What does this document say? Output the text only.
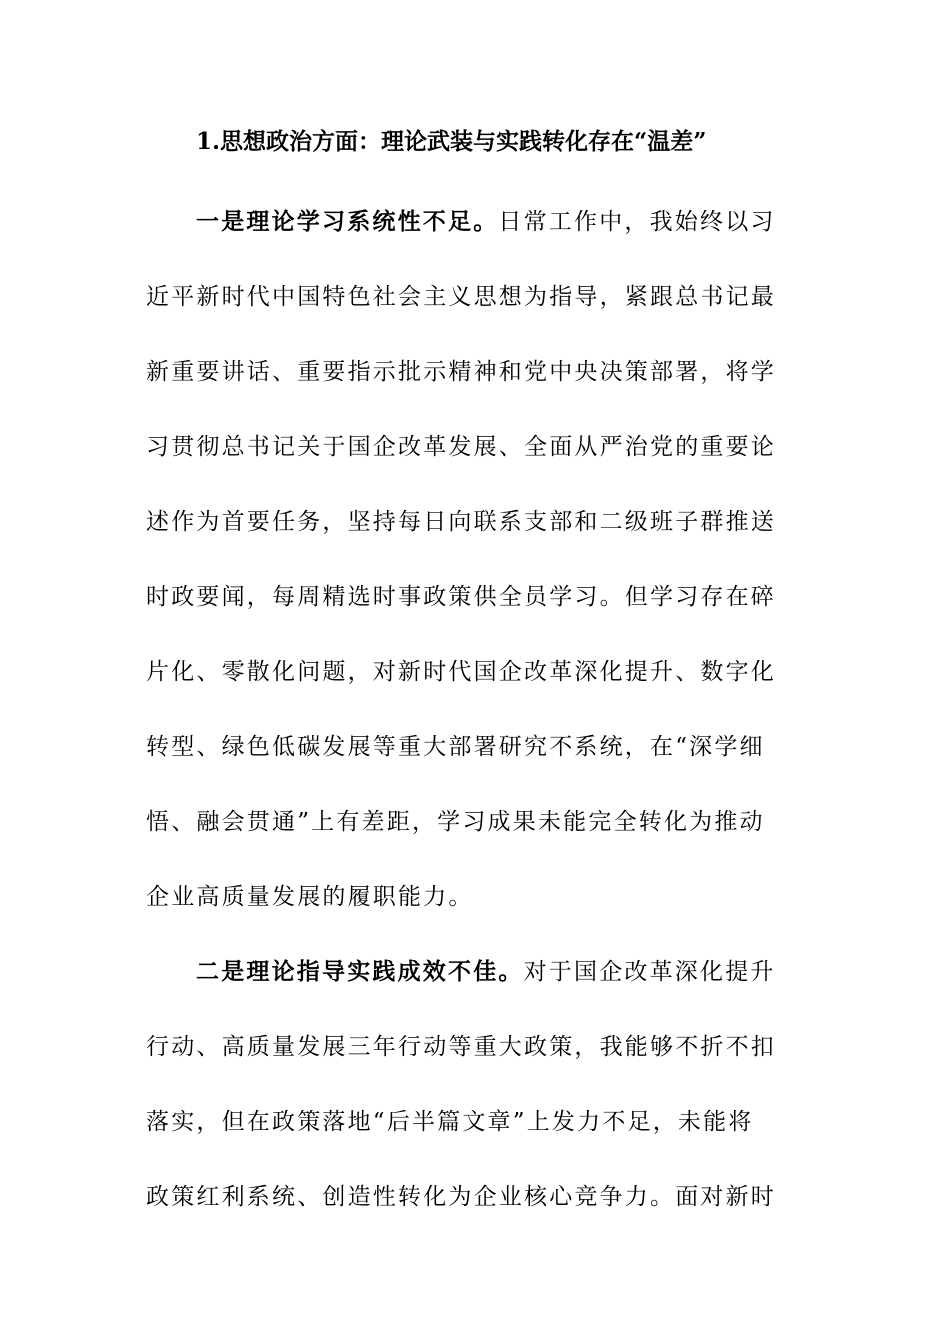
1.思想政治方面：理论武装与实践转化存在“温差”
一是理论学习系统性不足。日常工作中，我始终以习
近平新时代中国特色社会主义思想为指导，紧跟总书记最
新重要讲话、重要指示批示精神和党中央决策部署，将学
习贯彻总书记关于国企改革发展、全面从严治党的重要论
述作为首要任务，坚持每日向联系支部和二级班子群推送
时政要闻，每周精选时事政策供全员学习。但学习存在碎
片化、零散化问题，对新时代国企改革深化提升、数字化
转型、绿色低碳发展等重大部署研究不系统，在“深学细
悟、融会贯通”上有差距，学习成果未能完全转化为推动
企业高质量发展的履职能力。
二是理论指导实践成效不佳。对于国企改革深化提升
行动、高质量发展三年行动等重大政策，我能够不折不扣
落实，但在政策落地“后半篇文章”上发力不足，未能将
政策红利系统、创造性转化为企业核心竞争力。面对新时
